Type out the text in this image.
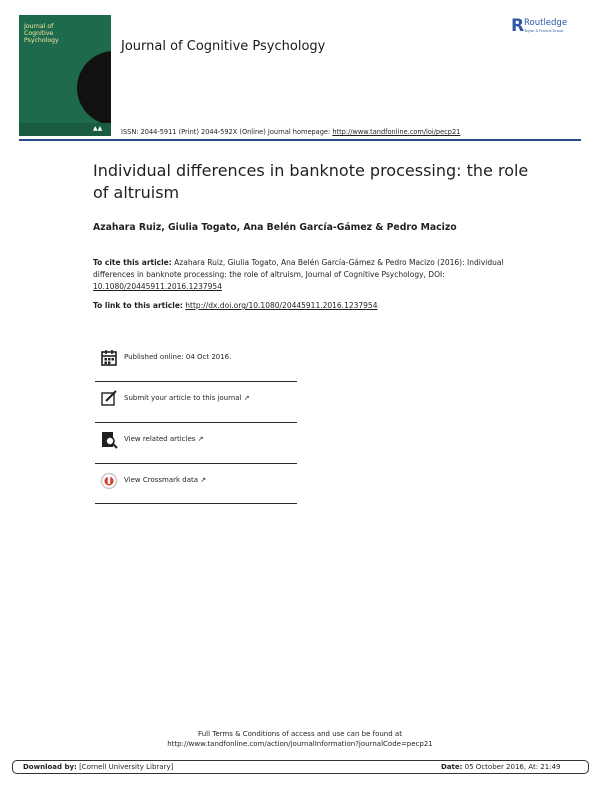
Journal of Cognitive Psychology
▲▲
Journal of Cognitive Psychology
R Routledge
Taylor & Francis Group
ISSN: 2044-5911 (Print) 2044-592X (Online) Journal homepage: http://www.tandfonline.com/loi/pecp21
Individual differences in banknote processing: the role of altruism
Azahara Ruiz, Giulia Togato, Ana Belén García-Gámez & Pedro Macizo
To cite this article: Azahara Ruiz, Giulia Togato, Ana Belén García-Gámez & Pedro Macizo (2016): Individual differences in banknote processing: the role of altruism, Journal of Cognitive Psychology, DOI: 10.1080/20445911.2016.1237954
To link to this article: http://dx.doi.org/10.1080/20445911.2016.1237954
Published online: 04 Oct 2016.
Submit your article to this journal ↗
View related articles ↗
View Crossmark data ↗
Full Terms & Conditions of access and use can be found at
http://www.tandfonline.com/action/journalInformation?journalCode=pecp21
Download by: [Cornell University Library]	Date: 05 October 2016, At: 21:49
